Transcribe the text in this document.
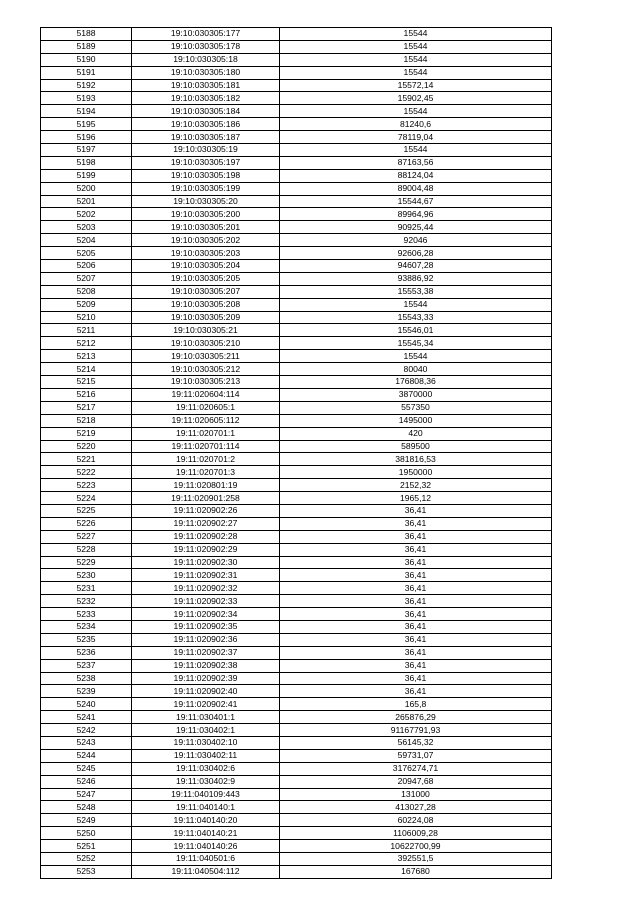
5188	19:10:030305:177	15544
5189	19:10:030305:178	15544
5190	19:10:030305:18	15544
5191	19:10:030305:180	15544
5192	19:10:030305:181	15572,14
5193	19:10:030305:182	15902,45
5194	19:10:030305:184	15544
5195	19:10:030305:186	81240,6
5196	19:10:030305:187	78119,04
5197	19:10:030305:19	15544
5198	19:10:030305:197	87163,56
5199	19:10:030305:198	88124,04
5200	19:10:030305:199	89004,48
5201	19:10:030305:20	15544,67
5202	19:10:030305:200	89964,96
5203	19:10:030305:201	90925,44
5204	19:10:030305:202	92046
5205	19:10:030305:203	92606,28
5206	19:10:030305:204	94607,28
5207	19:10:030305:205	93886,92
5208	19:10:030305:207	15553,38
5209	19:10:030305:208	15544
5210	19:10:030305:209	15543,33
5211	19:10:030305:21	15546,01
5212	19:10:030305:210	15545,34
5213	19:10:030305:211	15544
5214	19:10:030305:212	80040
5215	19:10:030305:213	176808,36
5216	19:11:020604:114	3870000
5217	19:11:020605:1	557350
5218	19:11:020605:112	1495000
5219	19:11:020701:1	420
5220	19:11:020701:114	589500
5221	19:11:020701:2	381816,53
5222	19:11:020701:3	1950000
5223	19:11:020801:19	2152,32
5224	19:11:020901:258	1965,12
5225	19:11:020902:26	36,41
5226	19:11:020902:27	36,41
5227	19:11:020902:28	36,41
5228	19:11:020902:29	36,41
5229	19:11:020902:30	36,41
5230	19:11:020902:31	36,41
5231	19:11:020902:32	36,41
5232	19:11:020902:33	36,41
5233	19:11:020902:34	36,41
5234	19:11:020902:35	36,41
5235	19:11:020902:36	36,41
5236	19:11:020902:37	36,41
5237	19:11:020902:38	36,41
5238	19:11:020902:39	36,41
5239	19:11:020902:40	36,41
5240	19:11:020902:41	165,8
5241	19:11:030401:1	265876,29
5242	19:11:030402:1	91167791,93
5243	19:11:030402:10	56145,32
5244	19:11:030402:11	59731,07
5245	19:11:030402:6	3176274,71
5246	19:11:030402:9	20947,68
5247	19:11:040109:443	131000
5248	19:11:040140:1	413027,28
5249	19:11:040140:20	60224,08
5250	19:11:040140:21	1106009,28
5251	19:11:040140:26	10622700,99
5252	19:11:040501:6	392551,5
5253	19:11:040504:112	167680
